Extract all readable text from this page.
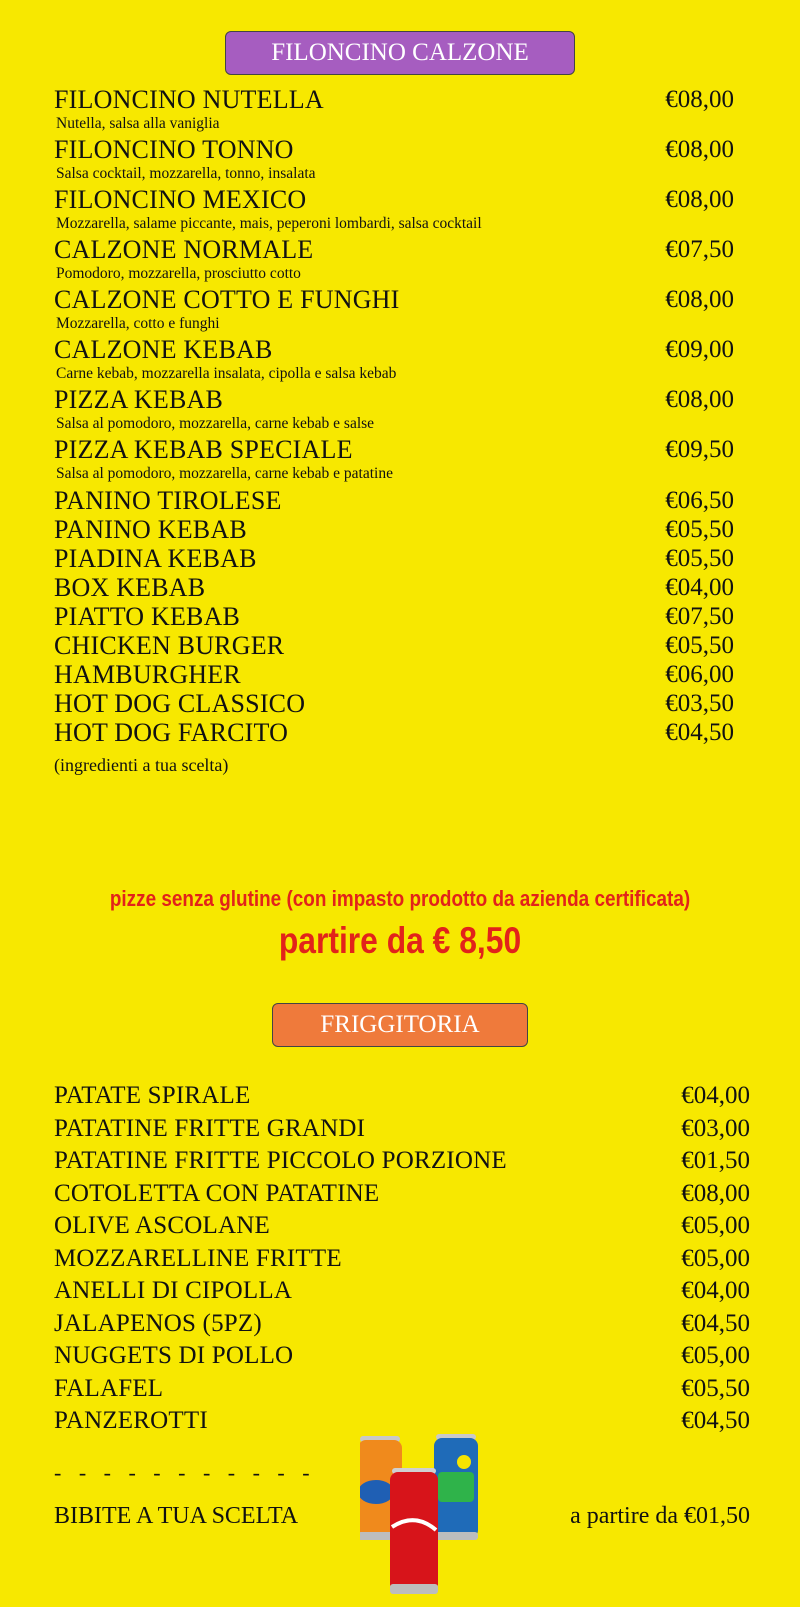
FILONCINO CALZONE
FILONCINO NUTELLA	€08,00
Nutella, salsa alla vaniglia
FILONCINO TONNO	€08,00
Salsa cocktail, mozzarella, tonno, insalata
FILONCINO MEXICO	€08,00
Mozzarella, salame piccante, mais, peperoni lombardi, salsa cocktail
CALZONE NORMALE	€07,50
Pomodoro, mozzarella, prosciutto cotto
CALZONE COTTO E FUNGHI	€08,00
Mozzarella, cotto e funghi
CALZONE KEBAB	€09,00
Carne kebab, mozzarella insalata, cipolla e salsa kebab
PIZZA KEBAB	€08,00
Salsa al pomodoro, mozzarella, carne kebab e salse
PIZZA KEBAB SPECIALE	€09,50
Salsa al pomodoro, mozzarella, carne kebab e patatine
PANINO TIROLESE	€06,50
PANINO KEBAB	€05,50
PIADINA KEBAB	€05,50
BOX KEBAB	€04,00
PIATTO KEBAB	€07,50
CHICKEN BURGER	€05,50
HAMBURGHER	€06,00
HOT DOG CLASSICO	€03,50
HOT DOG FARCITO	€04,50
(ingredienti a tua scelta)
pizze senza glutine (con impasto prodotto da azienda certificata)
partire da € 8,50
FRIGGITORIA
PATATE SPIRALE	€04,00
PATATINE FRITTE GRANDI	€03,00
PATATINE FRITTE PICCOLO PORZIONE	€01,50
COTOLETTA CON PATATINE	€08,00
OLIVE ASCOLANE	€05,00
MOZZARELLINE FRITTE	€05,00
ANELLI DI CIPOLLA	€04,00
JALAPENOS (5PZ)	€04,50
NUGGETS DI POLLO	€05,00
FALAFEL	€05,50
PANZEROTTI	€04,50
- - - - - - - - - - -
BIBITE A TUA SCELTA	a partire da €01,50
